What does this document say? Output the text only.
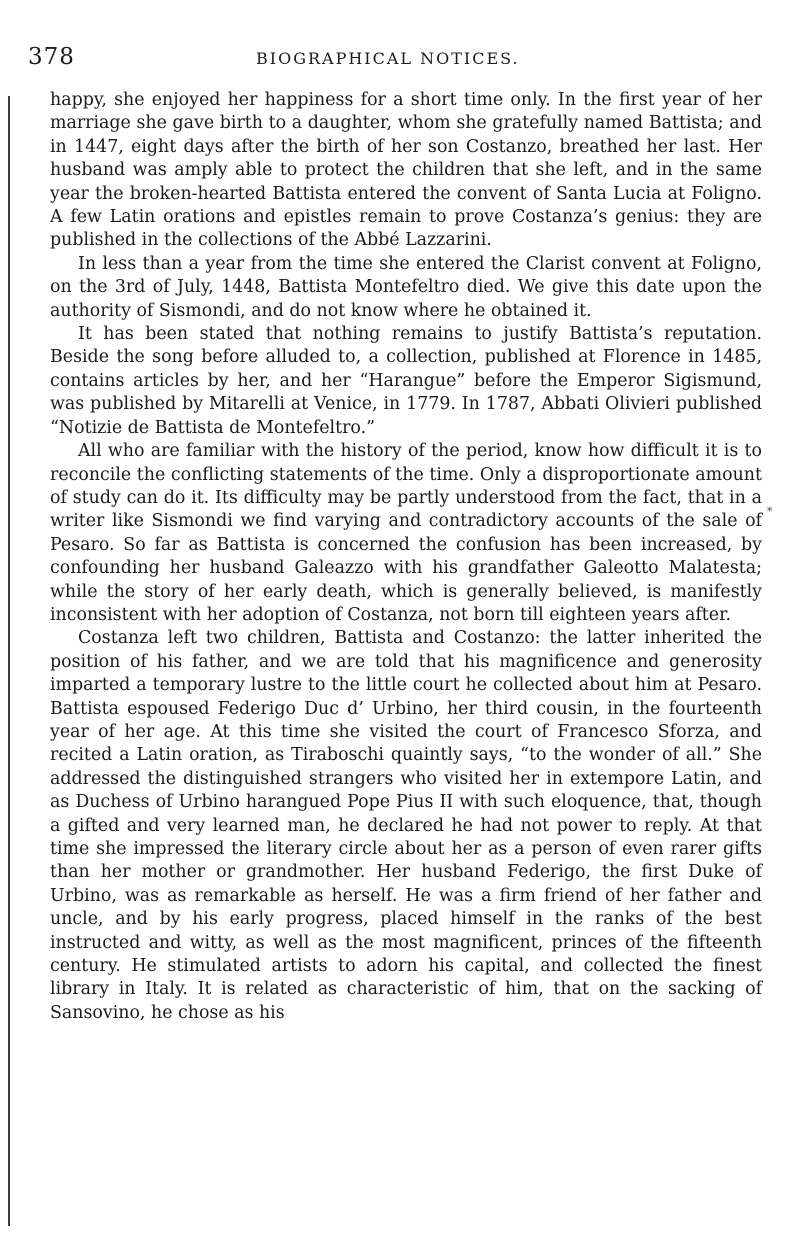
378	BIOGRAPHICAL NOTICES.
*

happy, she enjoyed her happiness for a short time only. In the first year of her marriage she gave birth to a daughter, whom she gratefully named Battista; and in 1447, eight days after the birth of her son Costanzo, breathed her last. Her husband was amply able to protect the children that she left, and in the same year the broken-hearted Battista entered the convent of Santa Lucia at Foligno. A few Latin orations and epistles remain to prove Costanza’s genius: they are published in the collections of the Abbé Lazzarini.

In less than a year from the time she entered the Clarist convent at Foligno, on the 3rd of July, 1448, Battista Montefeltro died. We give this date upon the authority of Sismondi, and do not know where he obtained it.

It has been stated that nothing remains to justify Battista’s reputation. Beside the song before alluded to, a collection, published at Florence in 1485, contains articles by her, and her “Harangue” before the Emperor Sigismund, was published by Mitarelli at Venice, in 1779. In 1787, Abbati Olivieri published “Notizie de Battista de Montefeltro.”

All who are familiar with the history of the period, know how difficult it is to reconcile the conflicting statements of the time. Only a disproportionate amount of study can do it. Its difficulty may be partly understood from the fact, that in a writer like Sismondi we find varying and contradictory accounts of the sale of Pesaro. So far as Battista is concerned the confusion has been increased, by confounding her husband Galeazzo with his grandfather Galeotto Malatesta; while the story of her early death, which is generally believed, is manifestly inconsistent with her adoption of Costanza, not born till eighteen years after.

Costanza left two children, Battista and Costanzo: the latter inherited the position of his father, and we are told that his magnificence and generosity imparted a temporary lustre to the little court he collected about him at Pesaro. Battista espoused Federigo Duc d’ Urbino, her third cousin, in the fourteenth year of her age. At this time she visited the court of Francesco Sforza, and recited a Latin oration, as Tiraboschi quaintly says, “to the wonder of all.” She addressed the distinguished strangers who visited her in extempore Latin, and as Duchess of Urbino harangued Pope Pius II with such eloquence, that, though a gifted and very learned man, he declared he had not power to reply. At that time she impressed the literary circle about her as a person of even rarer gifts than her mother or grandmother. Her husband Federigo, the first Duke of Urbino, was as remarkable as herself. He was a firm friend of her father and uncle, and by his early progress, placed himself in the ranks of the best instructed and witty, as well as the most magnificent, princes of the fifteenth century. He stimulated artists to adorn his capital, and collected the finest library in Italy. It is related as characteristic of him, that on the sacking of Sansovino, he chose as his
